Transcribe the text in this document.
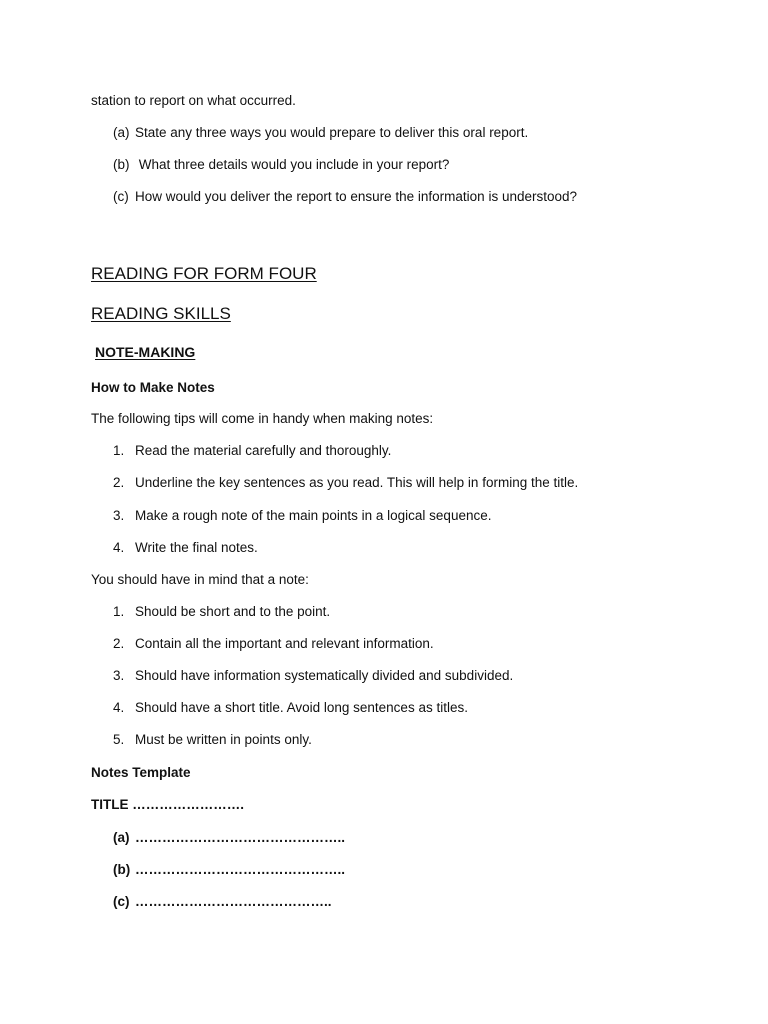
station to report on what occurred.
(a) State any three ways you would prepare to deliver this oral report.
(b) What three details would you include in your report?
(c) How would you deliver the report to ensure the information is understood?
READING FOR FORM FOUR
READING SKILLS
NOTE-MAKING
How to Make Notes
The following tips will come in handy when making notes:
1. Read the material carefully and thoroughly.
2. Underline the key sentences as you read. This will help in forming the title.
3. Make a rough note of the main points in a logical sequence.
4. Write the final notes.
You should have in mind that a note:
1. Should be short and to the point.
2. Contain all the important and relevant information.
3. Should have information systematically divided and subdivided.
4. Should have a short title. Avoid long sentences as titles.
5. Must be written in points only.
Notes Template
TITLE …………………….
(a) ………………………………………..
(b) ………………………………………..
(c) ……………………………………..
